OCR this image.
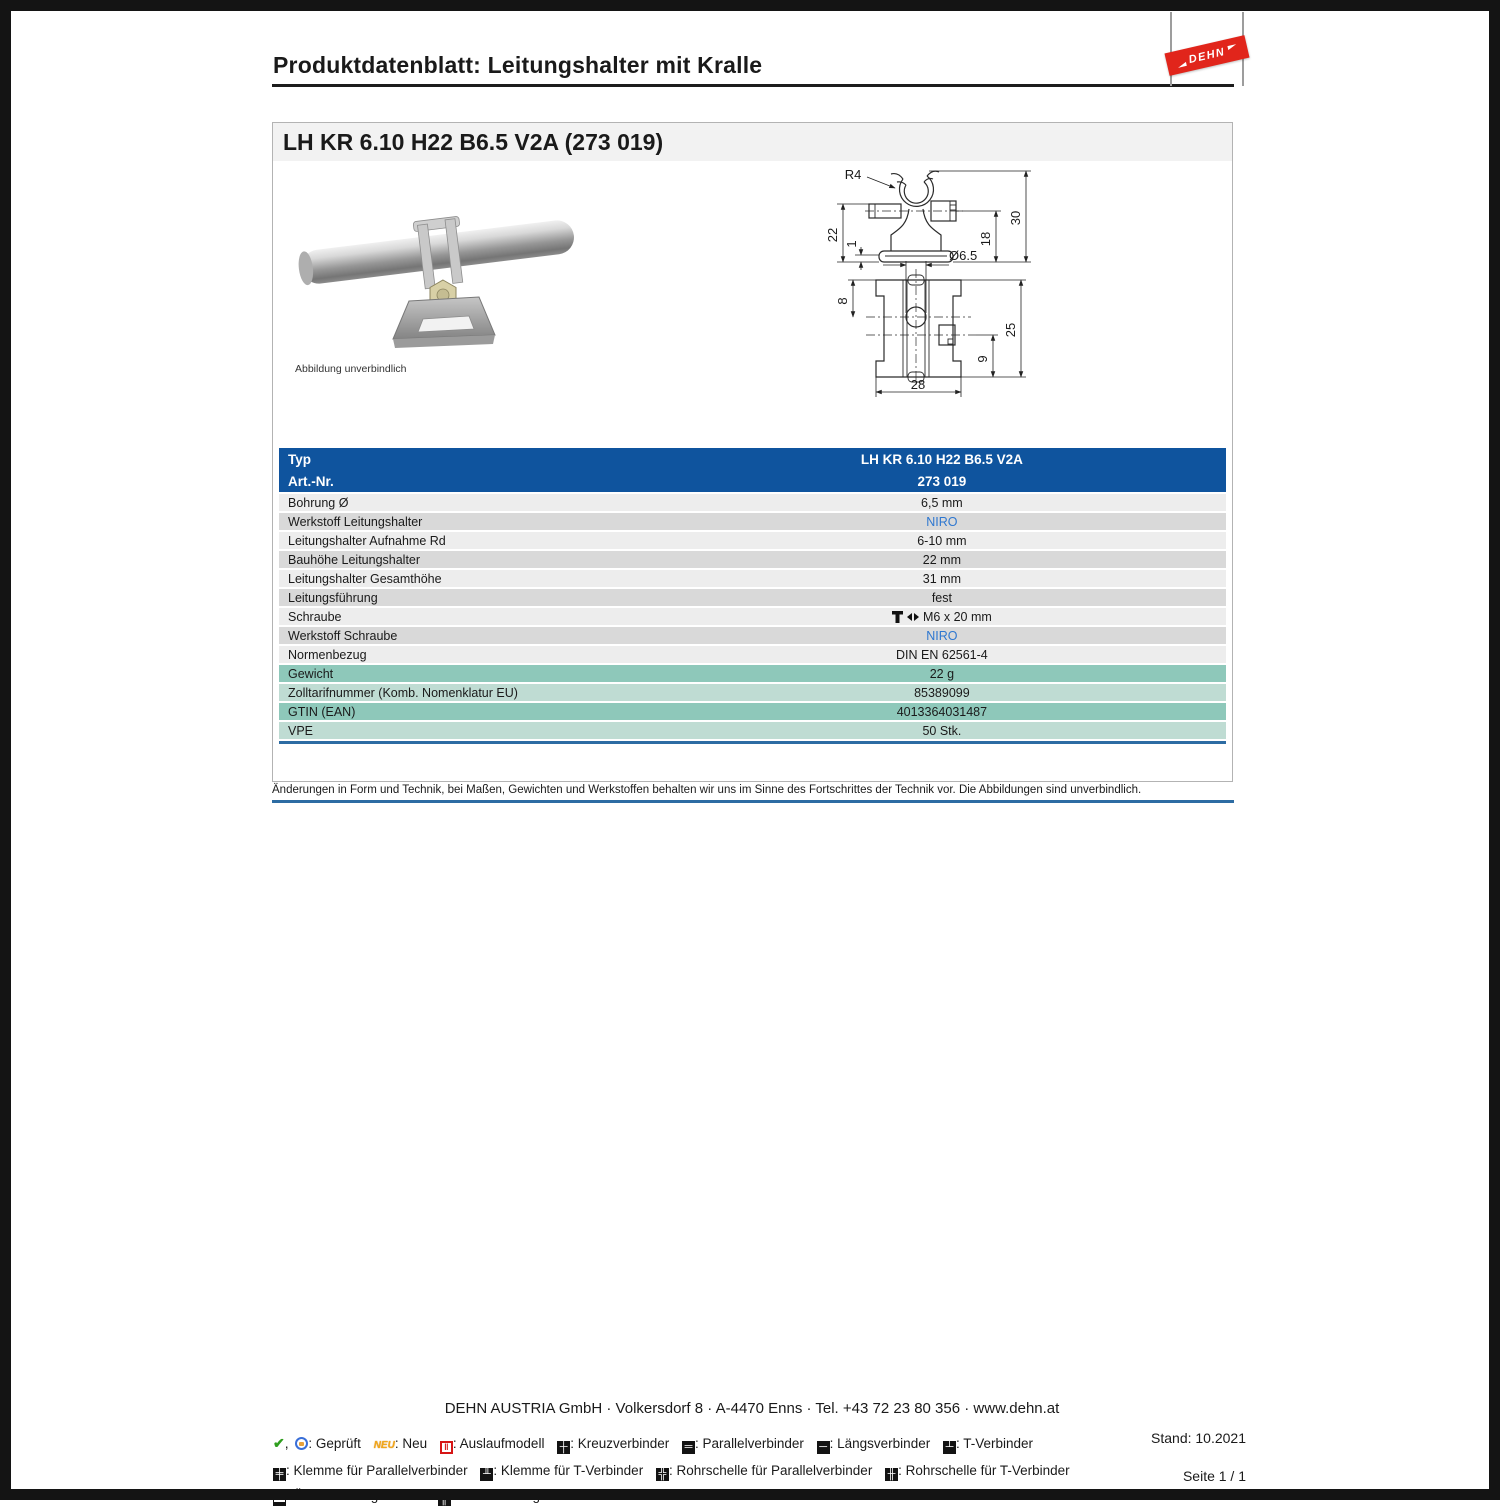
Produktdatenblatt: Leitungshalter mit Kralle	DEHN
LH KR 6.10 H22 B6.5 V2A (273 019)
Abbildung unverbindlich
R4
22
1	18
30
Ø6.5
8
25
9
28
Typ	LH KR 6.10 H22 B6.5 V2A
Art.-Nr.	273 019
Bohrung Ø	6,5 mm
Werkstoff Leitungshalter	NIRO
Leitungshalter Aufnahme Rd	6-10 mm
Bauhöhe Leitungshalter	22 mm
Leitungshalter Gesamthöhe	31 mm
Leitungsführung	fest
Schraube	M6 x 20 mm
Werkstoff Schraube	NIRO
Normenbezug	DIN EN 62561-4
Gewicht	22 g
Zolltarifnummer (Komb. Nomenklatur EU)	85389099
GTIN (EAN)	4013364031487
VPE	50 Stk.
Änderungen in Form und Technik, bei Maßen, Gewichten und Werkstoffen behalten wir uns im Sinne des Fortschrittes der Technik vor. Die Abbildungen sind unverbindlich.
DEHN AUSTRIA GmbH · Volkersdorf 8 · A-4470 Enns · Tel. +43 72 23 80 356 · www.dehn.at
✔ , : Geprüft NEU : Neu ‖ : Auslaufmodell ┼ : Kreuzverbinder ═ : Parallelverbinder ─ : Längsverbinder ┴ : T-Verbinder
╪ : Klemme für Parallelverbinder ╨ : Klemme für T-Verbinder ╬ : Rohrschelle für Parallelverbinder ╫ : Rohrschelle für T-Verbinder
▬ : Überbrückungsbauteil ║ : Potentialausgleichsschiene
Stand: 10.2021
Seite 1 / 1
